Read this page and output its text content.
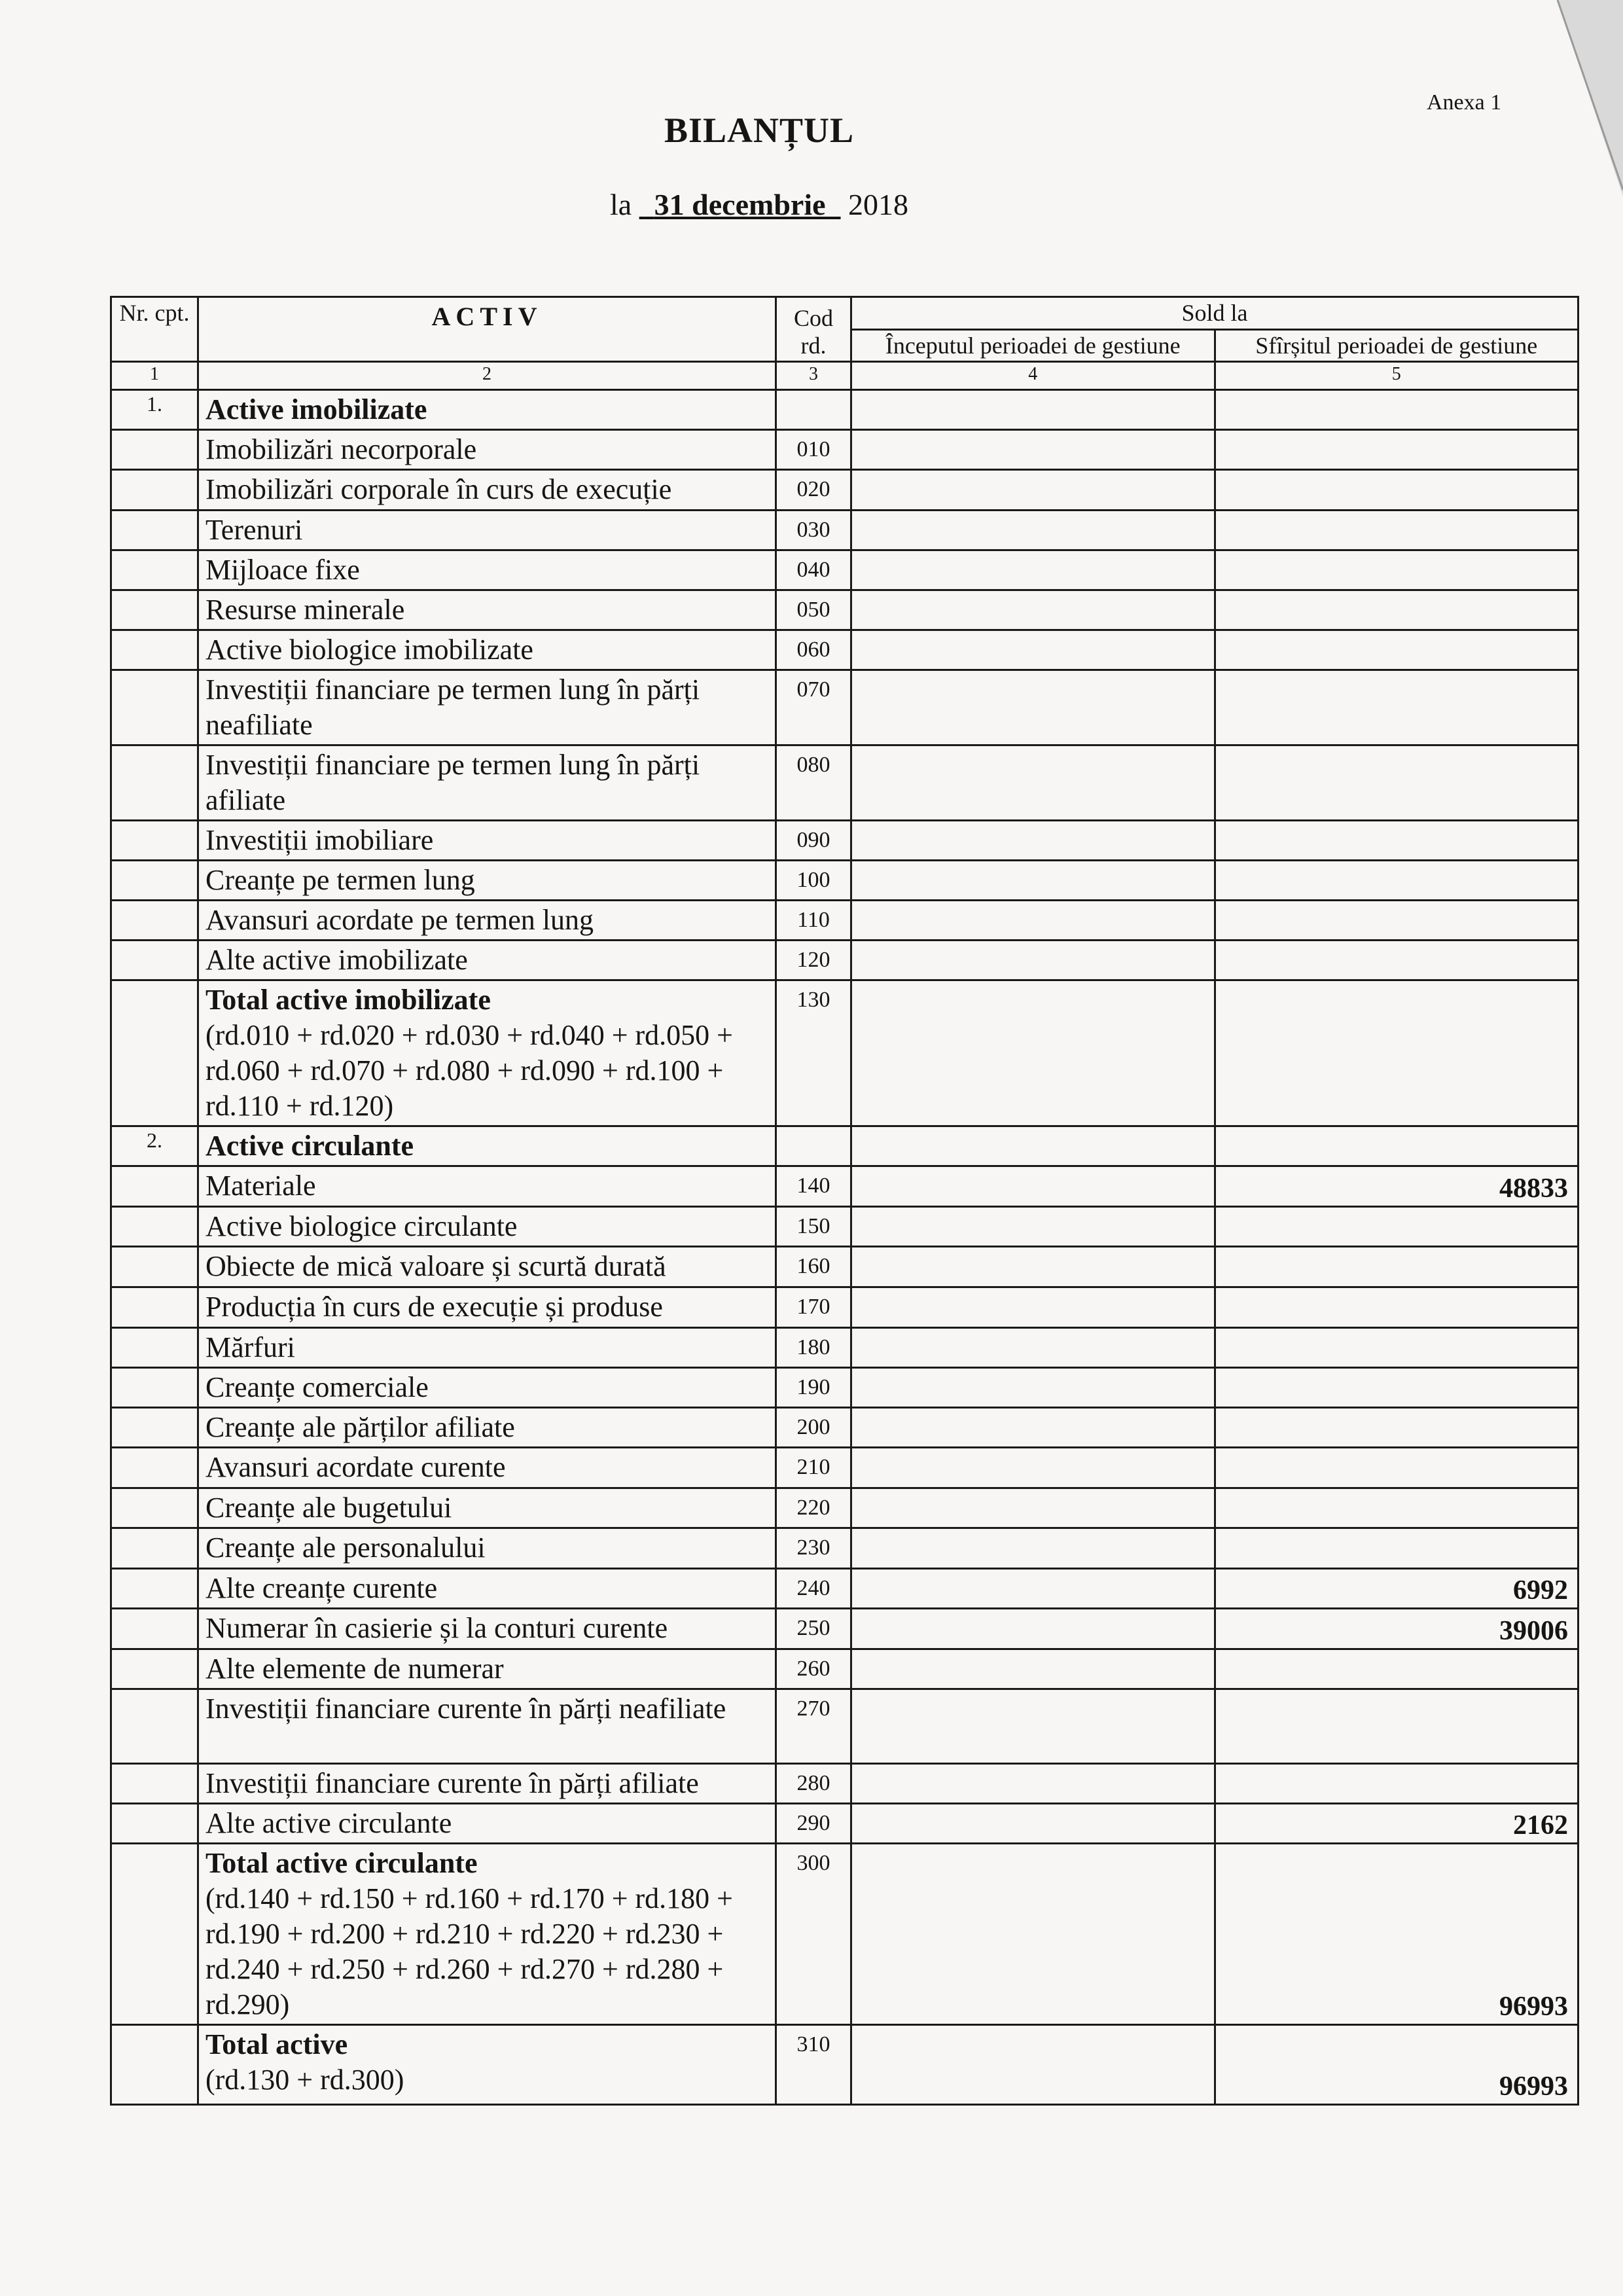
Anexa 1
BILANȚUL
la 31 decembrie 2018
Nr. cpt.	ACTIV	Cod rd.	Sold la	
			Începutul perioadei de gestiune	Sfîrșitul perioadei de gestiune
1	2	3	4	5
1.	Active imobilizate			
	Imobilizări necorporale	010		
	Imobilizări corporale în curs de execuție	020		
	Terenuri	030		
	Mijloace fixe	040		
	Resurse minerale	050		
	Active biologice imobilizate	060		
	Investiții financiare pe termen lung în părți neafiliate	070		
	Investiții financiare pe termen lung în părți afiliate	080		
	Investiții imobiliare	090		
	Creanțe pe termen lung	100		
	Avansuri acordate pe termen lung	110		
	Alte active imobilizate	120		
	Total active imobilizate
(rd.010 + rd.020 + rd.030 + rd.040 + rd.050 + rd.060 + rd.070 + rd.080 + rd.090 + rd.100 + rd.110 + rd.120)	130		
2.	Active circulante			
	Materiale	140		48833
	Active biologice circulante	150		
	Obiecte de mică valoare și scurtă durată	160		
	Producția în curs de execuție și produse	170		
	Mărfuri	180		
	Creanțe comerciale	190		
	Creanțe ale părților afiliate	200		
	Avansuri acordate curente	210		
	Creanțe ale bugetului	220		
	Creanțe ale personalului	230		
	Alte creanțe curente	240		6992
	Numerar în casierie și la conturi curente	250		39006
	Alte elemente de numerar	260		
	Investiții financiare curente în părți neafiliate	270		
	Investiții financiare curente în părți afiliate	280		
	Alte active circulante	290		2162
	Total active circulante
(rd.140 + rd.150 + rd.160 + rd.170 + rd.180 + rd.190 + rd.200 + rd.210 + rd.220 + rd.230 + rd.240 + rd.250 + rd.260 + rd.270 + rd.280 + rd.290)	300		96993
	Total active
(rd.130 + rd.300)	310		96993
